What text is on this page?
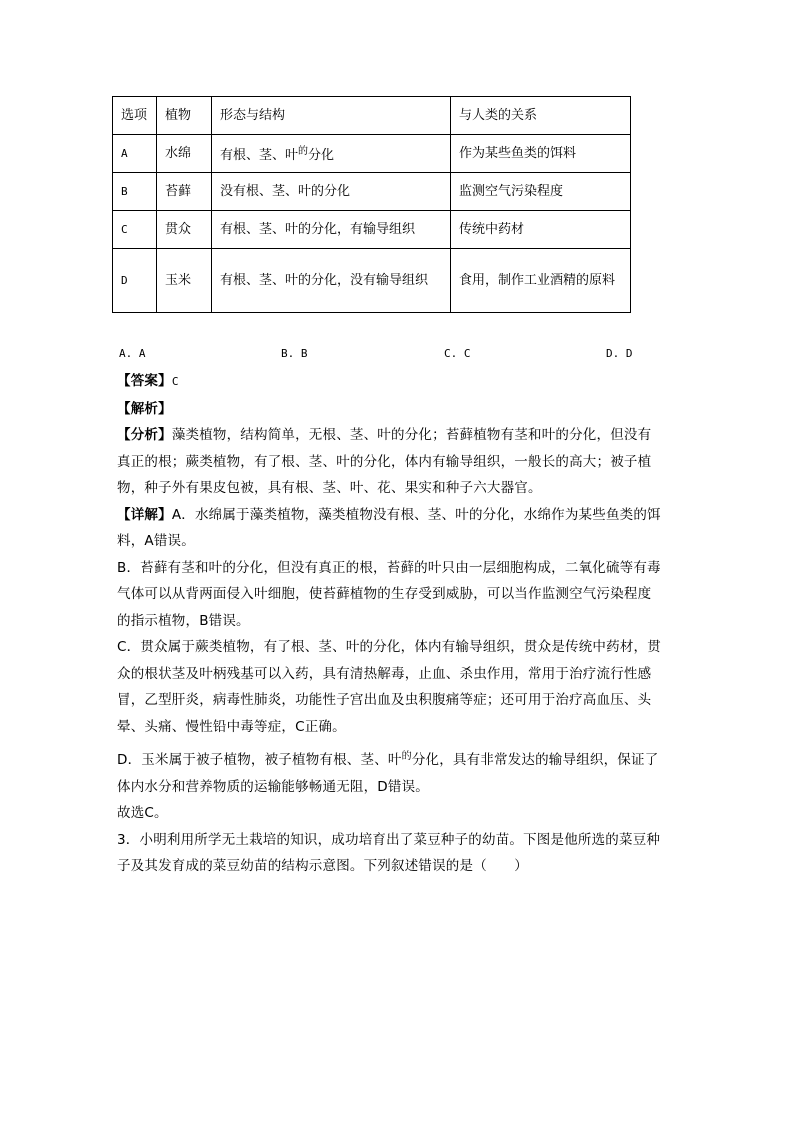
选项	植物	形态与结构	与人类的关系
A	水绵	有根、茎、叶$^的$分化	作为某些鱼类的饵料
B	苔藓	没有根、茎、叶的分化	监测空气污染程度
C	贯众	有根、茎、叶的分化，有输导组织	传统中药材
D	玉米	有根、茎、叶的分化，没有输导组织	食用，制作工业酒精的原料
A. A	B. B	C. C	D. D
【答案】C
【解析】
【分析】藻类植物，结构简单，无根、茎、叶的分化；苔藓植物有茎和叶的分化，但没有
真正的根；蕨类植物，有了根、茎、叶的分化，体内有输导组织，一般长的高大；被子植
物，种子外有果皮包被，具有根、茎、叶、花、果实和种子六大器官。
【详解】A．水绵属于藻类植物，藻类植物没有根、茎、叶的分化，水绵作为某些鱼类的饵
料，A错误。
B．苔藓有茎和叶的分化，但没有真正的根，苔藓的叶只由一层细胞构成，二氧化硫等有毒
气体可以从背两面侵入叶细胞，使苔藓植物的生存受到威胁，可以当作监测空气污染程度
的指示植物，B错误。
C．贯众属于蕨类植物，有了根、茎、叶的分化，体内有输导组织，贯众是传统中药材，贯
众的根状茎及叶柄残基可以入药，具有清热解毒，止血、杀虫作用，常用于治疗流行性感
冒，乙型肝炎，病毒性肺炎，功能性子宫出血及虫积腹痛等症；还可用于治疗高血压、头
晕、头痛、慢性铅中毒等症，C正确。
D．玉米属于被子植物，被子植物有根、茎、叶$^的$分化，具有非常发达的输导组织，保证了
体内水分和营养物质的运输能够畅通无阻，D错误。
故选C。
3．小明利用所学无土栽培的知识，成功培育出了菜豆种子的幼苗。下图是他所选的菜豆种
子及其发育成的菜豆幼苗的结构示意图。下列叙述错误的是（　　）
